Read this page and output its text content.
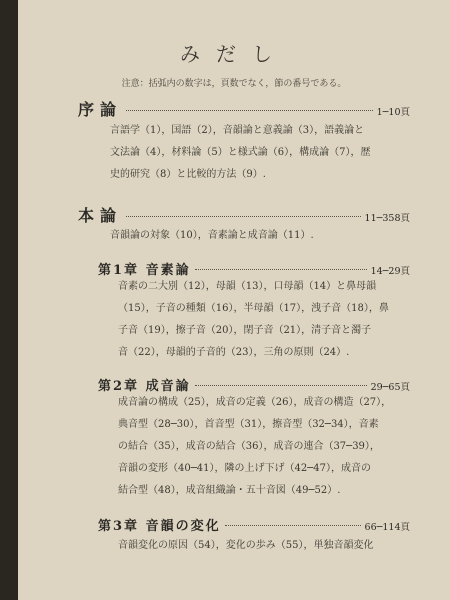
みだし
注意：括弧内の数字は，頁数でなく，節の番号である。
序論	1─10頁
言語学（1），国語（2），音韻論と意義論（3），語義論と
文法論（4），材料論（5）と様式論（6），構成論（7），歴
史的研究（8）と比較的方法（9）.
本論	11─358頁
音韻論の対象（10），音素論と成音論（11）.
第1章 音素論	14─29頁
音素の二大別（12），母韻（13），口母韻（14）と鼻母韻
（15），子音の種類（16），半母韻（17），洩子音（18），鼻
子音（19），擦子音（20），閉子音（21），清子音と濁子
音（22），母韻的子音的（23），三角の原則（24）.
第2章 成音論	29─65頁
成音論の構成（25），成音の定義（26），成音の構造（27），
典音型（28─30），首音型（31），擦音型（32─34），音素
の結合（35），成音の結合（36），成音の連合（37─39），
音韻の変形（40─41），隣の上げ下げ（42─47），成音の
結合型（48），成音組織論・五十音図（49─52）.
第3章 音韻の変化	66─114頁
音韻変化の原因（54），変化の歩み（55），単独音韻変化
